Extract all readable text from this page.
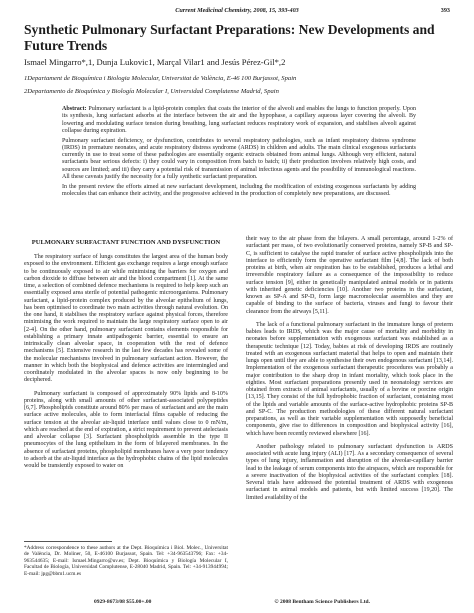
Current Medicinal Chemistry, 2008, 15, 393-403	393
Synthetic Pulmonary Surfactant Preparations: New Developments and Future Trends
Ismael Mingarro*,1, Dunja Lukovic1, Marçal Vilar1 and Jesús Pérez-Gil*,2
1Departament de Bioquímica i Biologia Molecular, Universitat de València, E-46 100 Burjassot, Spain
2Departamento de Bioquímica y Biología Molecular I, Universidad Complutense Madrid, Spain

Abstract: Pulmonary surfactant is a lipid-protein complex that coats the interior of the alveoli and enables the lungs to function properly. Upon its synthesis, lung surfactant adsorbs at the interface between the air and the hypophase, a capillary aqueous layer covering the alveoli. By lowering and modulating surface tension during breathing, lung surfactant reduces respiratory work of expansion, and stabilises alveoli against collapse during expiration.

Pulmonary surfactant deficiency, or dysfunction, contributes to several respiratory pathologies, such as infant respiratory distress syndrome (IRDS) in premature neonates, and acute respiratory distress syndrome (ARDS) in children and adults. The main clinical exogenous surfactants currently in use to treat some of these pathologies are essentially organic extracts obtained from animal lungs. Although very efficient, natural surfactants bear serious defects: i) they could vary in composition from batch to batch; ii) their production involves relatively high costs, and sources are limited; and iii) they carry a potential risk of transmission of animal infectious agents and the possibility of immunological reactions. All these caveats justify the necessity for a fully synthetic surfactant preparation.

In the present review the efforts aimed at new surfactant development, including the modification of existing exogenous surfactants by adding molecules that can enhance their activity, and the progressive achieved in the production of completely new preparations, are discussed.

PULMONARY SURFACTANT FUNCTION AND DYSFUNCTION

The respiratory surface of lungs constitutes the largest area of the human body exposed to the environment. Efficient gas exchange requires a large enough surface to be continuously exposed to air while minimising the barriers for oxygen and carbon dioxide to diffuse between air and the blood compartment [1]. At the same time, a selection of combined defence mechanisms is required to help keep such an essentially exposed area sterile of potential pathogenic microorganisms. Pulmonary surfactant, a lipid-protein complex produced by the alveolar epithelium of lungs, has been optimised to coordinate two main activities through natural evolution. On the one hand, it stabilises the respiratory surface against physical forces, therefore minimising the work required to maintain the large respiratory surface open to air [2-4]. On the other hand, pulmonary surfactant contains elements responsible for establishing a primary innate antipathogenic barrier, essential to ensure an intrinsically clean alveolar space, in cooperation with the rest of defence mechanisms [5]. Extensive research in the last few decades has revealed some of the molecular mechanisms involved in pulmonary surfactant action. However, the manner in which both the biophysical and defence activities are intermingled and coordinately modulated in the alveolar spaces is now only beginning to be deciphered.

Pulmonary surfactant is composed of approximately 90% lipids and 8-10% proteins, along with small amounts of other surfactant-associated polypeptides [6,7]. Phospholipids constitute around 80% per mass of surfactant and are the main surface active molecules, able to form interfacial films capable of reducing the surface tension at the alveolar air-liquid interface until values close to 0 mN/m, which are reached at the end of expiration, a strict requirement to prevent atelectasis and alveolar collapse [3]. Surfactant phospholipids assemble in the type II pneumocytes of the lung epithelium in the form of bilayered membranes. In the absence of surfactant proteins, phospholipid membranes have a very poor tendency to adsorb at the air-liquid interface as the hydrophobic chains of the lipid molecules would be transiently exposed to water on

their way to the air phase from the bilayers. A small percentage, around 1-2% of surfactant per mass, of two evolutionarily conserved proteins, namely SP-B and SP-C, is sufficient to catalyse the rapid transfer of surface active phospholipids into the interface to efficiently form the operative surfactant film [4,8]. The lack of both proteins at birth, when air respiration has to be established, produces a lethal and irreversible respiratory failure as a consequence of the impossibility to reduce surface tension [9], either in genetically manipulated animal models or in patients with inherited genetic deficiencies [10]. Another two proteins in the surfactant, known as SP-A and SP-D, form large macromolecular assemblies and they are capable of binding to the surface of bacteria, viruses and fungi to favour their clearance from the airways [5,11].

The lack of a functional pulmonary surfactant in the immature lungs of preterm babies leads to IRDS, which was the major cause of mortality and morbidity in neonates before supplementation with exogenous surfactant was established as a therapeutic technique [12]. Today, babies at risk of developing IRDS are routinely treated with an exogenous surfactant material that helps to open and maintain their lungs open until they are able to synthesise their own endogenous surfactant [13,14]. Implementation of the exogenous surfactant therapeutic procedures was probably a major contribution to the sharp drop in infant mortality, which took place in the eighties. Most surfactant preparations presently used in neonatology services are obtained from extracts of animal surfactants, usually of a bovine or porcine origin [13,15]. They consist of the full hydrophobic fraction of surfactant, containing most of the lipids and variable amounts of the surface-active hydrophobic proteins SP-B and SP-C. The production methodologies of these different natural surfactant preparations, as well as their variable supplementation with supposedly beneficial components, give rise to differences in composition and biophysical activity [16], which have been recently reviewed elsewhere [16].

Another pathology related to pulmonary surfactant dysfunction is ARDS associated with acute lung injury (ALI) [17]. As a secondary consequence of several types of lung injury, inflammation and disruption of the alveolar-capillary barrier lead to the leakage of serum components into the airspaces, which are responsible for a severe inactivation of the biophysical activities of the surfactant complex [18]. Several trials have addressed the potential treatment of ARDS with exogenous surfactant in animal models and patients, but with limited success [19,20]. The limited availability of the

*Address correspondence to these authors at the Dept. Bioquímica i Biol. Molec., Universitat de València, Dr. Moliner, 50, E-46100 Burjassot, Spain. Tel: +34-963543796; Fax: +34-963544635; E-mail: Ismael.Mingarro@uv.es; Dept. Bioquímica y Biología Molecular I, Facultad de Biología, Universidad Complutense, E-28040 Madrid, Spain. Tel: +34-913944994; E-mail: jpg@bbm1.ucm.es
0929-8673/08 $55.00+.00	© 2008 Bentham Science Publishers Ltd.
